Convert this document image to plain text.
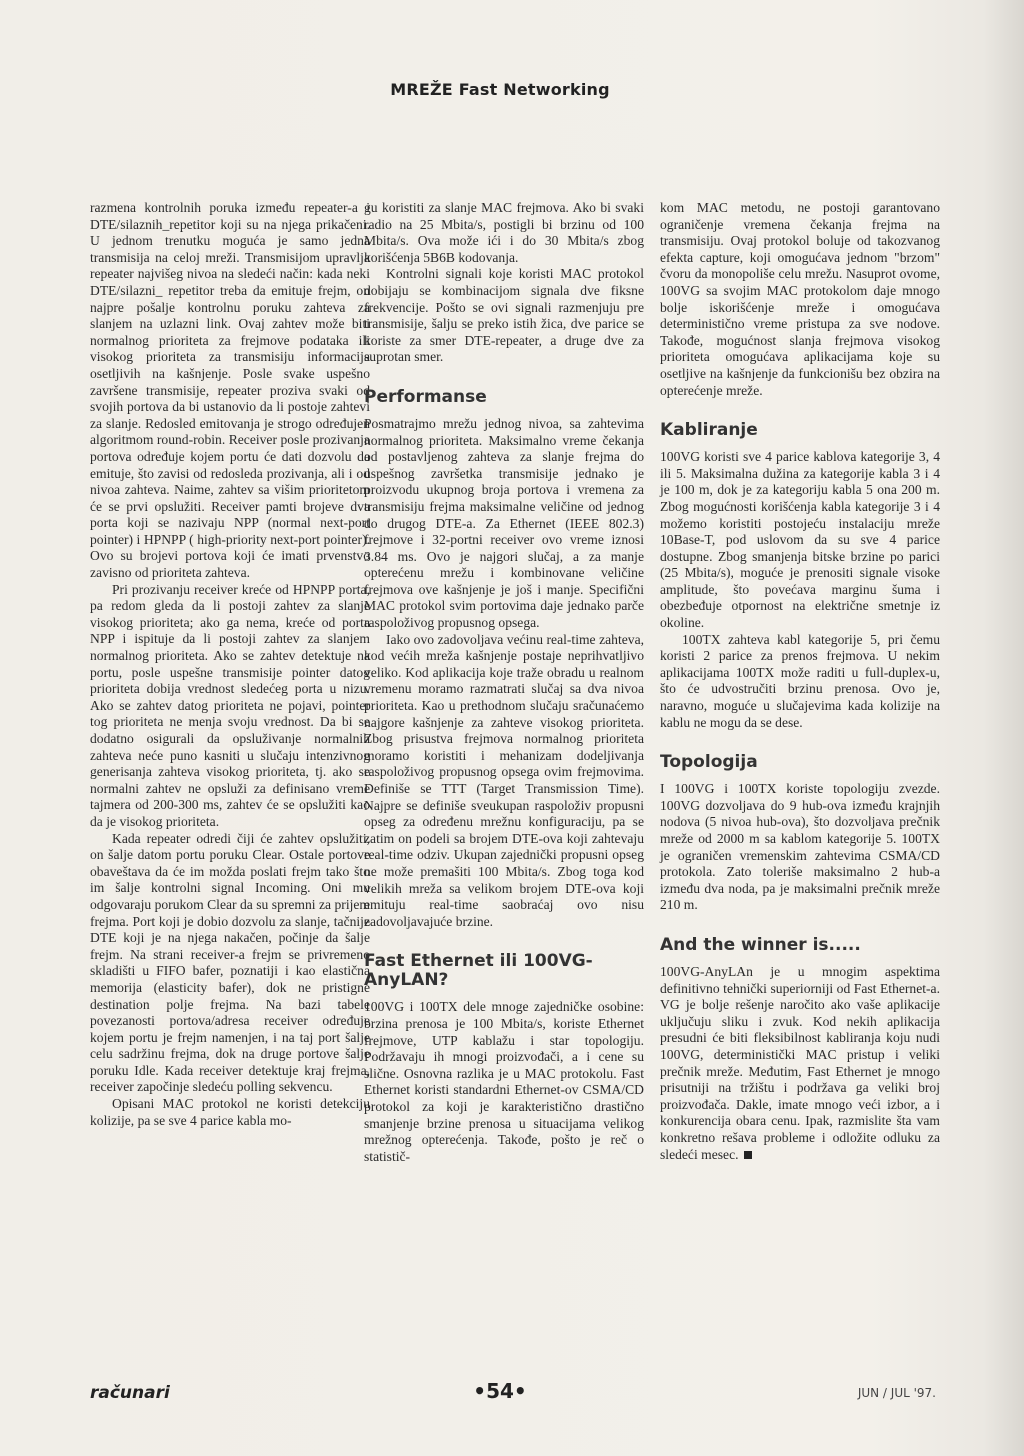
MREŽE Fast Networking

razmena kontrolnih poruka između repeater-a i DTE/silaznih_repetitor koji su na njega prikačeni. U jednom trenutku moguća je samo jedna transmisija na celoj mreži. Transmisijom upravlja repeater najvišeg nivoa na sledeći način: kada neki DTE/silazni_ repetitor treba da emituje frejm, on najpre pošalje kontrolnu poruku zahteva za slanjem na uzlazni link. Ovaj zahtev može biti normalnog prioriteta za frejmove podataka ili visokog prioriteta za transmisiju informacija osetljivih na kašnjenje. Posle svake uspešno završene transmisije, repeater proziva svaki od svojih portova da bi ustanovio da li postoje zahtevi za slanje. Redosled emitovanja je strogo određujen algoritmom round-robin. Receiver posle prozivanja portova određuje kojem portu će dati dozvolu da emituje, što zavisi od redosleda prozivanja, ali i od nivoa zahteva. Naime, zahtev sa višim prioritetom će se prvi opslužiti. Receiver pamti brojeve dva porta koji se nazivaju NPP (normal next-port pointer) i HPNPP ( high-priority next-port pointer). Ovo su brojevi portova koji će imati prvenstvo zavisno od prioriteta zahteva.

Pri prozivanju receiver kreće od HPNPP porta, pa redom gleda da li postoji zahtev za slanje visokog prioriteta; ako ga nema, kreće od porta NPP i ispituje da li postoji zahtev za slanjem normalnog prioriteta. Ako se zahtev detektuje na portu, posle uspešne transmisije pointer datog prioriteta dobija vrednost sledećeg porta u nizu. Ako se zahtev datog prioriteta ne pojavi, pointer tog prioriteta ne menja svoju vrednost. Da bi se dodatno osigurali da opsluživanje normalnih zahteva neće puno kasniti u slučaju intenzivnog generisanja zahteva visokog prioriteta, tj. ako se normalni zahtev ne opsluži za definisano vreme tajmera od 200-300 ms, zahtev će se opslužiti kao da je visokog prioriteta.

Kada repeater odredi čiji će zahtev opslužiti, on šalje datom portu poruku Clear. Ostale portove obaveštava da će im možda poslati frejm tako što im šalje kontrolni signal Incoming. Oni mu odgovaraju porukom Clear da su spremni za prijem frejma. Port koji je dobio dozvolu za slanje, tačnije DTE koji je na njega nakačen, počinje da šalje frejm. Na strani receiver-a frejm se privremeno skladišti u FIFO bafer, poznatiji i kao elastična memorija (elasticity bafer), dok ne pristigne destination polje frejma. Na bazi tabele povezanosti portova/adresa receiver određuje kojem portu je frejm namenjen, i na taj port šalje celu sadržinu frejma, dok na druge portove šalje poruku Idle. Kada receiver detektuje kraj frejma, receiver započinje sledeću polling sekvencu.

Opisani MAC protokol ne koristi detekciju kolizije, pa se sve 4 parice kabla mo-

gu koristiti za slanje MAC frejmova. Ako bi svaki radio na 25 Mbita/s, postigli bi brzinu od 100 Mbita/s. Ova može ići i do 30 Mbita/s zbog korišćenja 5B6B kodovanja.

Kontrolni signali koje koristi MAC protokol dobijaju se kombinacijom signala dve fiksne frekvencije. Pošto se ovi signali razmenjuju pre transmisije, šalju se preko istih žica, dve parice se koriste za smer DTE-repeater, a druge dve za suprotan smer.

Performanse

Posmatrajmo mrežu jednog nivoa, sa zahtevima normalnog prioriteta. Maksimalno vreme čekanja od postavljenog zahteva za slanje frejma do uspešnog završetka transmisije jednako je proizvodu ukupnog broja portova i vremena za transmisiju frejma maksimalne veličine od jednog do drugog DTE-a. Za Ethernet (IEEE 802.3) frejmove i 32-portni receiver ovo vreme iznosi 3.84 ms. Ovo je najgori slučaj, a za manje opterećenu mrežu i kombinovane veličine frejmova ove kašnjenje je još i manje. Specifični MAC protokol svim portovima daje jednako parče raspoloživog propusnog opsega.

Iako ovo zadovoljava većinu real-time zahteva, kod većih mreža kašnjenje postaje neprihvatljivo veliko. Kod aplikacija koje traže obradu u realnom vremenu moramo razmatrati slučaj sa dva nivoa prioriteta. Kao u prethodnom slučaju sračunaćemo najgore kašnjenje za zahteve visokog prioriteta. Zbog prisustva frejmova normalnog prioriteta moramo koristiti i mehanizam dodeljivanja raspoloživog propusnog opsega ovim frejmovima. Definiše se TTT (Target Transmission Time). Najpre se definiše sveukupan raspoloživ propusni opseg za određenu mrežnu konfiguraciju, pa se zatim on podeli sa brojem DTE-ova koji zahtevaju real-time odziv. Ukupan zajednički propusni opseg ne može premašiti 100 Mbita/s. Zbog toga kod velikih mreža sa velikom brojem DTE-ova koji emituju real-time saobraćaj ovo nisu zadovoljavajuće brzine.

Fast Ethernet ili 100VG-AnyLAN?

100VG i 100TX dele mnoge zajedničke osobine: brzina prenosa je 100 Mbita/s, koriste Ethernet frejmove, UTP kablažu i star topologiju. Podržavaju ih mnogi proizvođači, a i cene su slične. Osnovna razlika je u MAC protokolu. Fast Ethernet koristi standardni Ethernet-ov CSMA/CD protokol za koji je karakteristično drastično smanjenje brzine prenosa u situacijama velikog mrežnog opterećenja. Takođe, pošto je reč o statistič-

kom MAC metodu, ne postoji garantovano ograničenje vremena čekanja frejma na transmisiju. Ovaj protokol boluje od takozvanog efekta capture, koji omogućava jednom "brzom" čvoru da monopoliše celu mrežu. Nasuprot ovome, 100VG sa svojim MAC protokolom daje mnogo bolje iskorišćenje mreže i omogućava deterministično vreme pristupa za sve nodove. Takođe, mogućnost slanja frejmova visokog prioriteta omogućava aplikacijama koje su osetljive na kašnjenje da funkcionišu bez obzira na opterećenje mreže.

Kabliranje

100VG koristi sve 4 parice kablova kategorije 3, 4 ili 5. Maksimalna dužina za kategorije kabla 3 i 4 je 100 m, dok je za kategoriju kabla 5 ona 200 m. Zbog mogućnosti korišćenja kabla kategorije 3 i 4 možemo koristiti postojeću instalaciju mreže 10Base-T, pod uslovom da su sve 4 parice dostupne. Zbog smanjenja bitske brzine po parici (25 Mbita/s), moguće je prenositi signale visoke amplitude, što povećava marginu šuma i obezbeđuje otpornost na električne smetnje iz okoline.

100TX zahteva kabl kategorije 5, pri čemu koristi 2 parice za prenos frejmova. U nekim aplikacijama 100TX može raditi u full-duplex-u, što će udvostručiti brzinu prenosa. Ovo je, naravno, moguće u slučajevima kada kolizije na kablu ne mogu da se dese.

Topologija

I 100VG i 100TX koriste topologiju zvezde. 100VG dozvoljava do 9 hub-ova između krajnjih nodova (5 nivoa hub-ova), što dozvoljava prečnik mreže od 2000 m sa kablom kategorije 5. 100TX je ograničen vremenskim zahtevima CSMA/CD protokola. Zato toleriše maksimalno 2 hub-a između dva noda, pa je maksimalni prečnik mreže 210 m.

And the winner is.....

100VG-AnyLAn je u mnogim aspektima definitivno tehnički superiorniji od Fast Ethernet-a. VG je bolje rešenje naročito ako vaše aplikacije uključuju sliku i zvuk. Kod nekih aplikacija presudni će biti fleksibilnost kabliranja koju nudi 100VG, deterministički MAC pristup i veliki prečnik mreže. Međutim, Fast Ethernet je mnogo prisutniji na tržištu i podržava ga veliki broj proizvođača. Dakle, imate mnogo veći izbor, a i konkurencija obara cenu. Ipak, razmislite šta vam konkretno rešava probleme i odložite odluku za sledeći mesec.

računari	•54•	JUN / JUL '97.
